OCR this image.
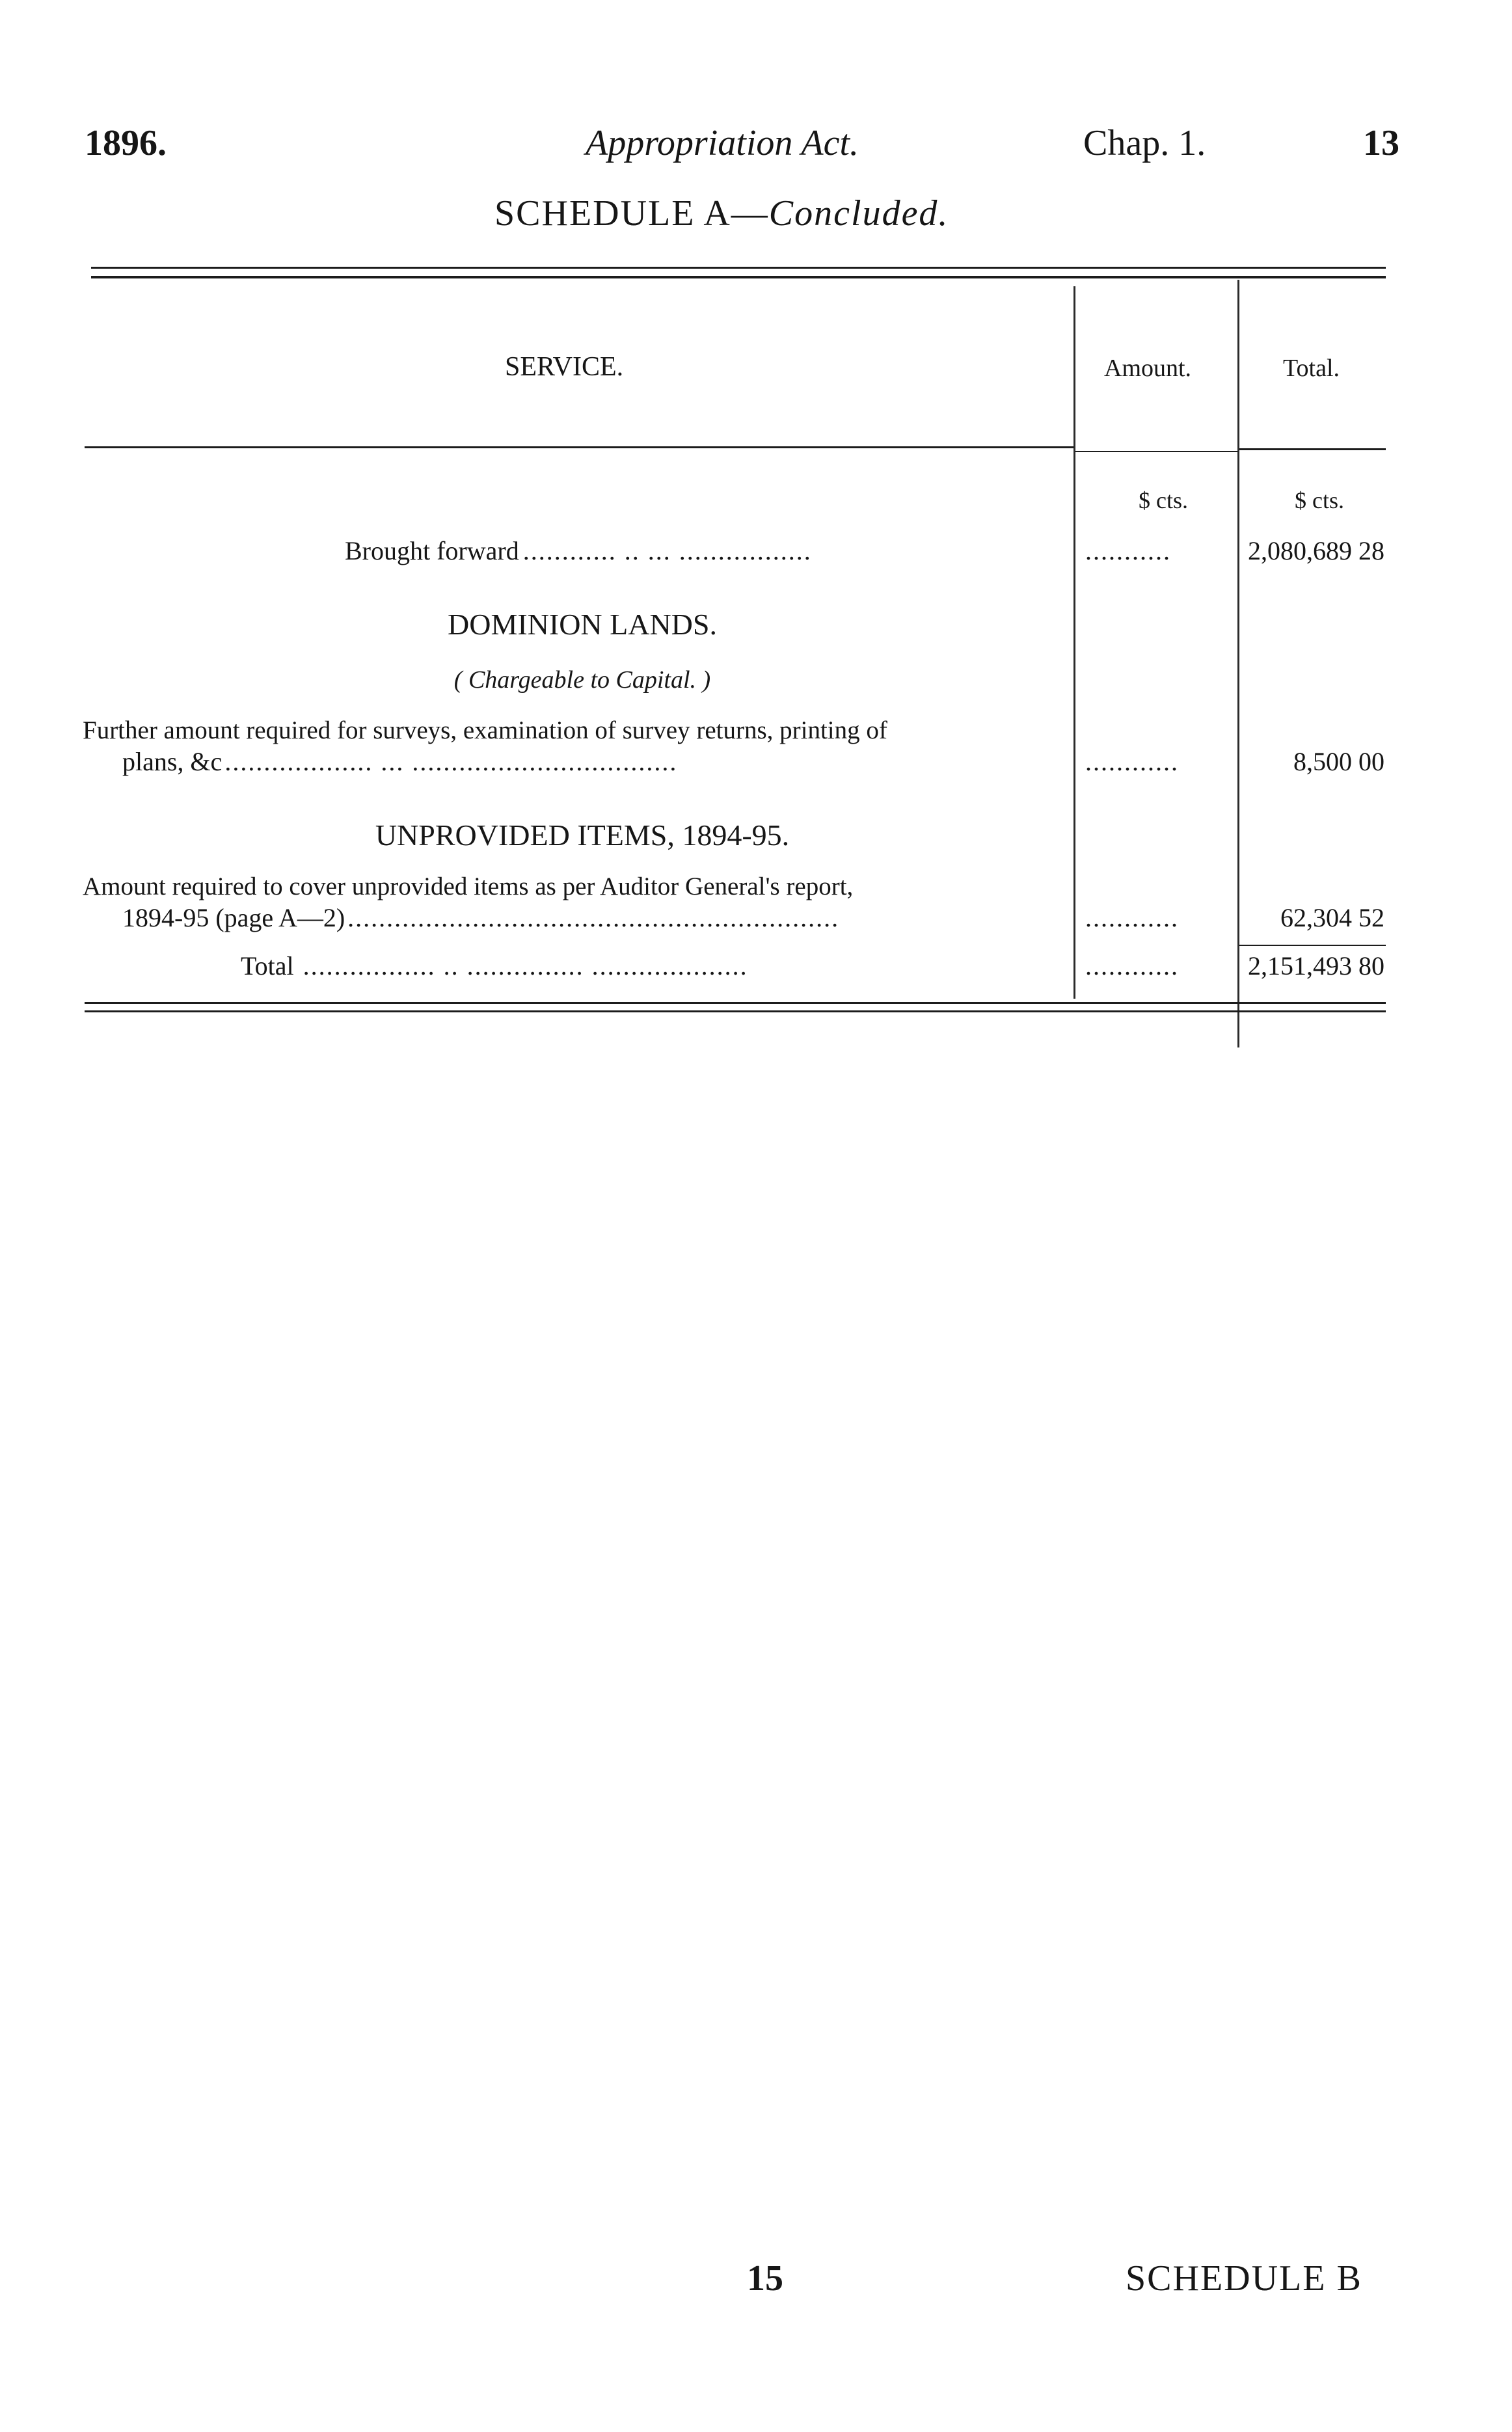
1896.	Appropriation Act.	Chap. 1.	13
SCHEDULE A—Concluded.
SERVICE.	Amount.	Total.
$ cts.	$ cts.
Brought forward ............ .. ... .................	...........	2,080,689 28
DOMINION LANDS.
( Chargeable to Capital. )
Further amount required for surveys, examination of survey returns, printing of
plans, &c ................... ... ..................................	............	8,500 00
UNPROVIDED ITEMS, 1894-95.
Amount required to cover unprovided items as per Auditor General's report,
1894-95 (page A—2) ...............................................................	............	62,304 52
Total ................. .. ............... ....................	............	2,151,493 80
15	SCHEDULE B
